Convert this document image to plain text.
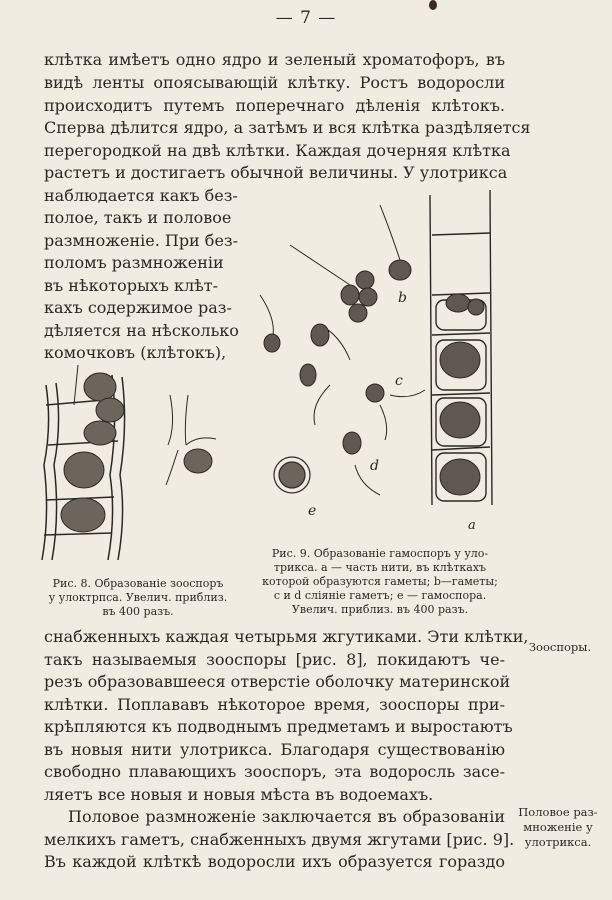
— 7 —
клѣтка имѣетъ одно ядро и зеленый хроматофоръ, въ
видѣ ленты опоясывающій клѣтку. Ростъ водоросли
происходитъ путемъ поперечнаго дѣленія клѣтокъ.
Сперва дѣлится ядро, а затѣмъ и вся клѣтка раздѣляется
перегородкой на двѣ клѣтки. Каждая дочерняя клѣтка
растетъ и достигаетъ обычной величины. У улотрикса
наблюдается какъ без-
полое, такъ и половое
размноженіе. При без-
поломъ размноженіи
въ нѣкоторыхъ клѣт-
кахъ содержимое раз-
дѣляется на нѣсколько
комочковъ (клѣтокъ),
b
c
d
e
a
Рис. 8. Образованіе зооспоръ
у улоктрпса. Увелич. приблиз.
въ 400 разъ.
Рис. 9. Образованіе гамоспоръ у уло-
трикса. a — часть нити, въ клѣткахъ
которой образуются гаметы; b—гаметы;
c и d сліяніе гаметъ; e — гамоспора.
Увелич. приблиз. въ 400 разъ.
снабженныхъ каждая четырьмя жгутиками. Эти клѣтки,
такъ называемыя зооспоры [рис. 8], покидаютъ че-
резъ образовавшееся отверстіе оболочку материнской
клѣтки. Поплававъ нѣкоторое время, зооспоры при-
крѣпляются къ подводнымъ предметамъ и выростаютъ
въ новыя нити улотрикса. Благодаря существованію
свободно плавающихъ зооспоръ, эта водоросль засе-
ляетъ все новыя и новыя мѣста въ водоемахъ.
Половое размноженіе заключается въ образованіи
мелкихъ гаметъ, снабженныхъ двумя жгутами [рис. 9].
Въ каждой клѣткѣ водоросли ихъ образуется гораздо
Зооспоры.
Половое раз-
множеніе у
улотрикса.
